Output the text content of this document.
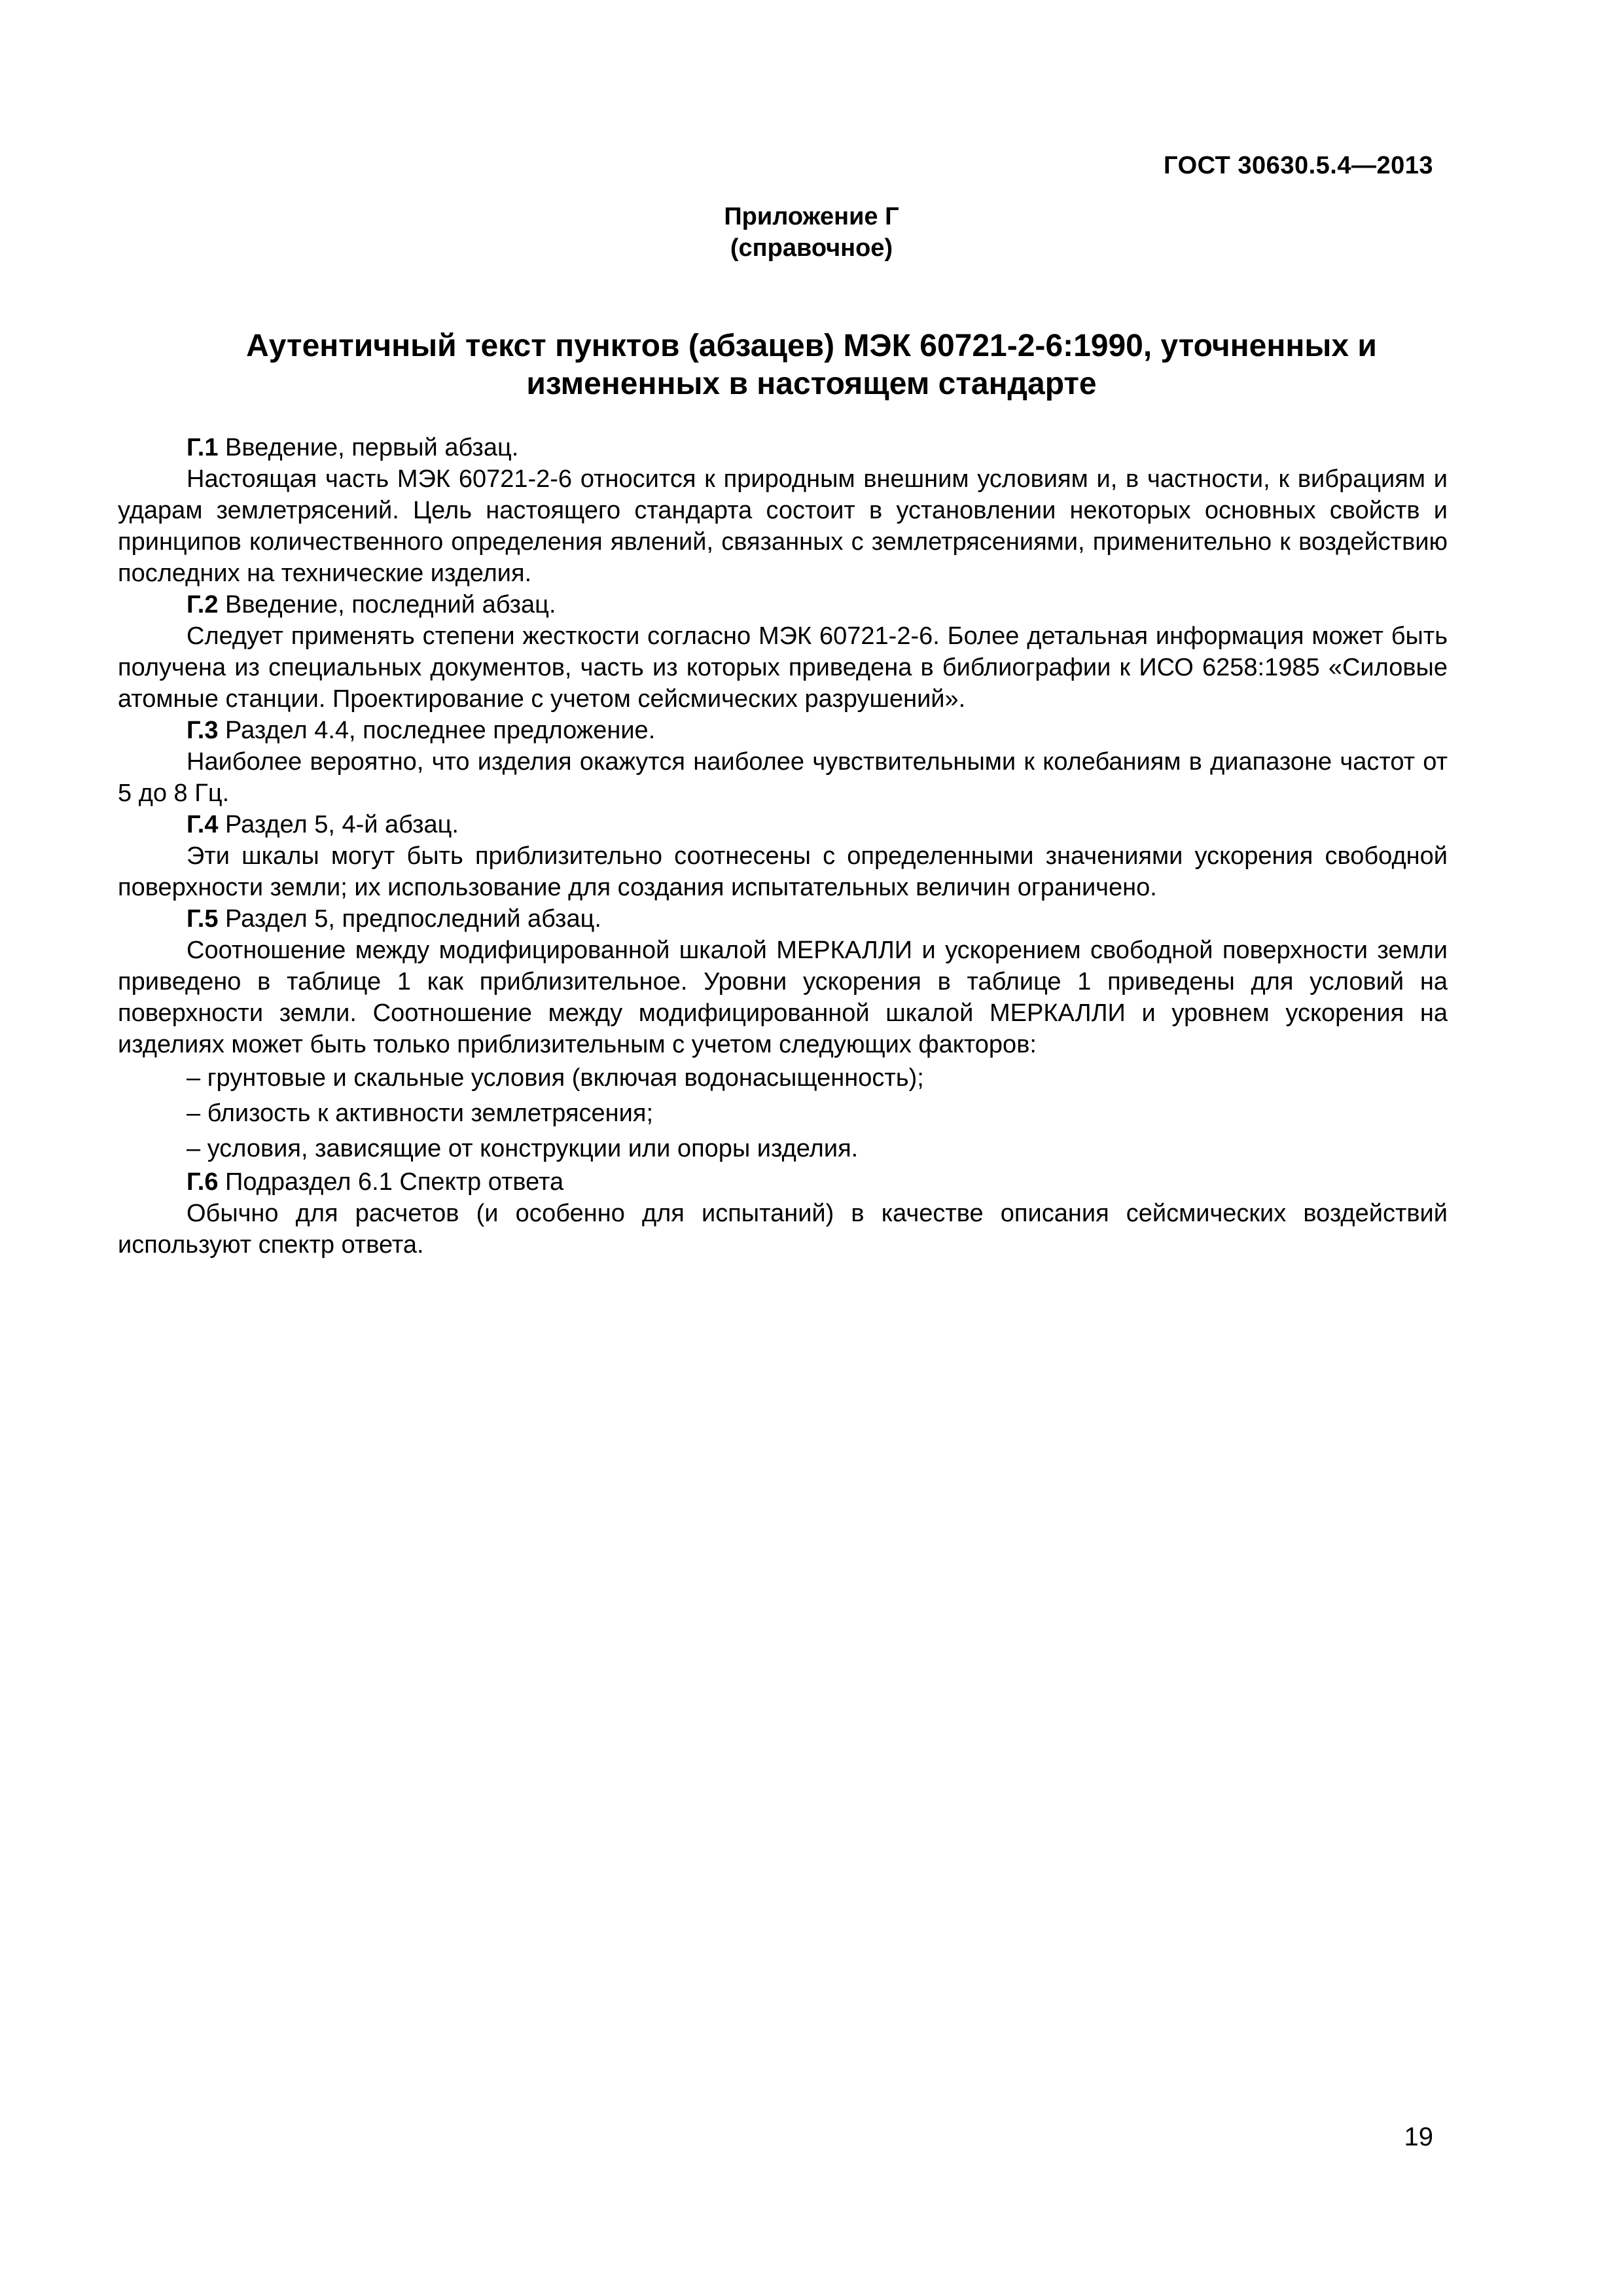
ГОСТ 30630.5.4—2013
Приложение Г
(справочное)
Аутентичный текст пунктов (абзацев) МЭК 60721-2-6:1990, уточненных и
измененных в настоящем стандарте

Г.1 Введение, первый абзац.

Настоящая часть МЭК 60721-2-6 относится к природным внешним условиям и, в частности, к вибрациям и ударам землетрясений. Цель настоящего стандарта состоит в установлении некоторых основных свойств и принципов количественного определения явлений, связанных с землетрясениями, применительно к воздействию последних на технические изделия.

Г.2 Введение, последний абзац.

Следует применять степени жесткости согласно МЭК 60721-2-6. Более детальная информация может быть получена из специальных документов, часть из которых приведена в библиографии к ИСО 6258:1985 «Силовые атомные станции. Проектирование с учетом сейсмических разрушений».

Г.3 Раздел 4.4, последнее предложение.

Наиболее вероятно, что изделия окажутся наиболее чувствительными к колебаниям в диапазоне частот от 5 до 8 Гц.

Г.4 Раздел 5, 4-й абзац.

Эти шкалы могут быть приблизительно соотнесены с определенными значениями ускорения свободной поверхности земли; их использование для создания испытательных величин ограничено.

Г.5 Раздел 5, предпоследний абзац.

Соотношение между модифицированной шкалой МЕРКАЛЛИ и ускорением свободной поверхности земли приведено в таблице 1 как приблизительное. Уровни ускорения в таблице 1 приведены для условий на поверхности земли. Соотношение между модифицированной шкалой МЕРКАЛЛИ и уровнем ускорения на изделиях может быть только приблизительным с учетом следующих факторов:

– грунтовые и скальные условия (включая водонасыщенность);

– близость к активности землетрясения;

– условия, зависящие от конструкции или опоры изделия.

Г.6 Подраздел 6.1 Спектр ответа

Обычно для расчетов (и особенно для испытаний) в качестве описания сейсмических воздействий используют спектр ответа.

19
